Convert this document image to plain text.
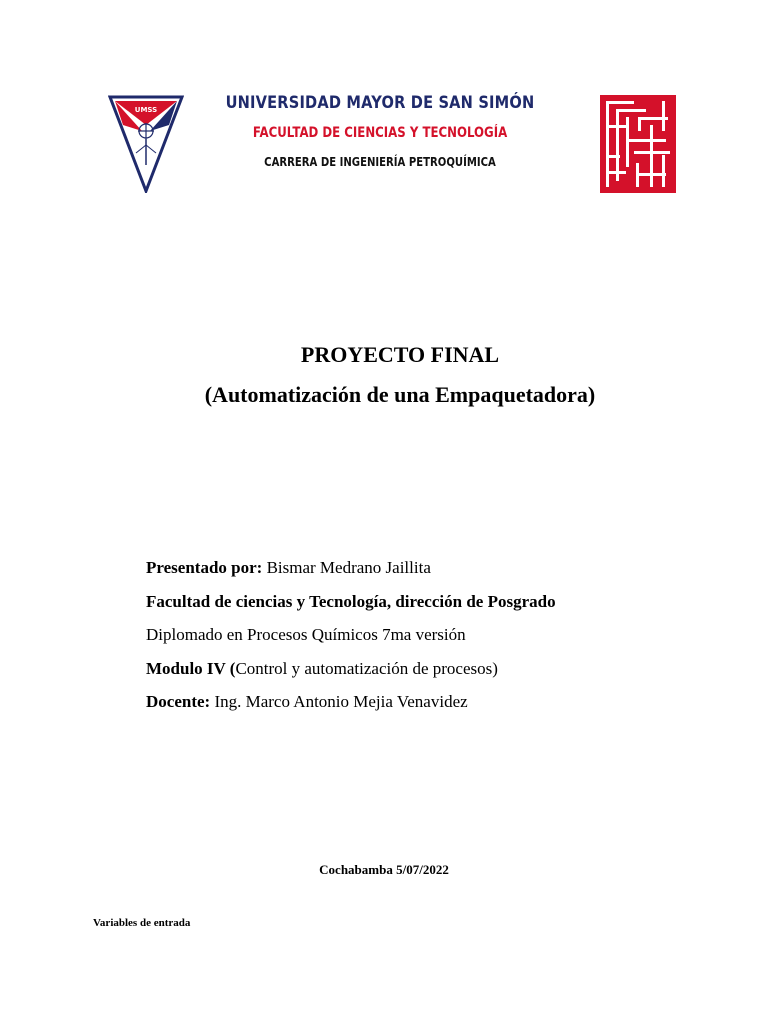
UMSS	UNIVERSIDAD MAYOR DE SAN SIMÓN
FACULTAD DE CIENCIAS Y TECNOLOGÍA
CARRERA DE INGENIERÍA PETROQUÍMICA
PROYECTO FINAL
(Automatización de una Empaquetadora)
Presentado por: Bismar Medrano Jaillita
Facultad de ciencias y Tecnología, dirección de Posgrado
Diplomado en Procesos Químicos 7ma versión
Modulo IV (Control y automatización de procesos)
Docente: Ing. Marco Antonio Mejia Venavidez
Cochabamba 5/07/2022
Variables de entrada
